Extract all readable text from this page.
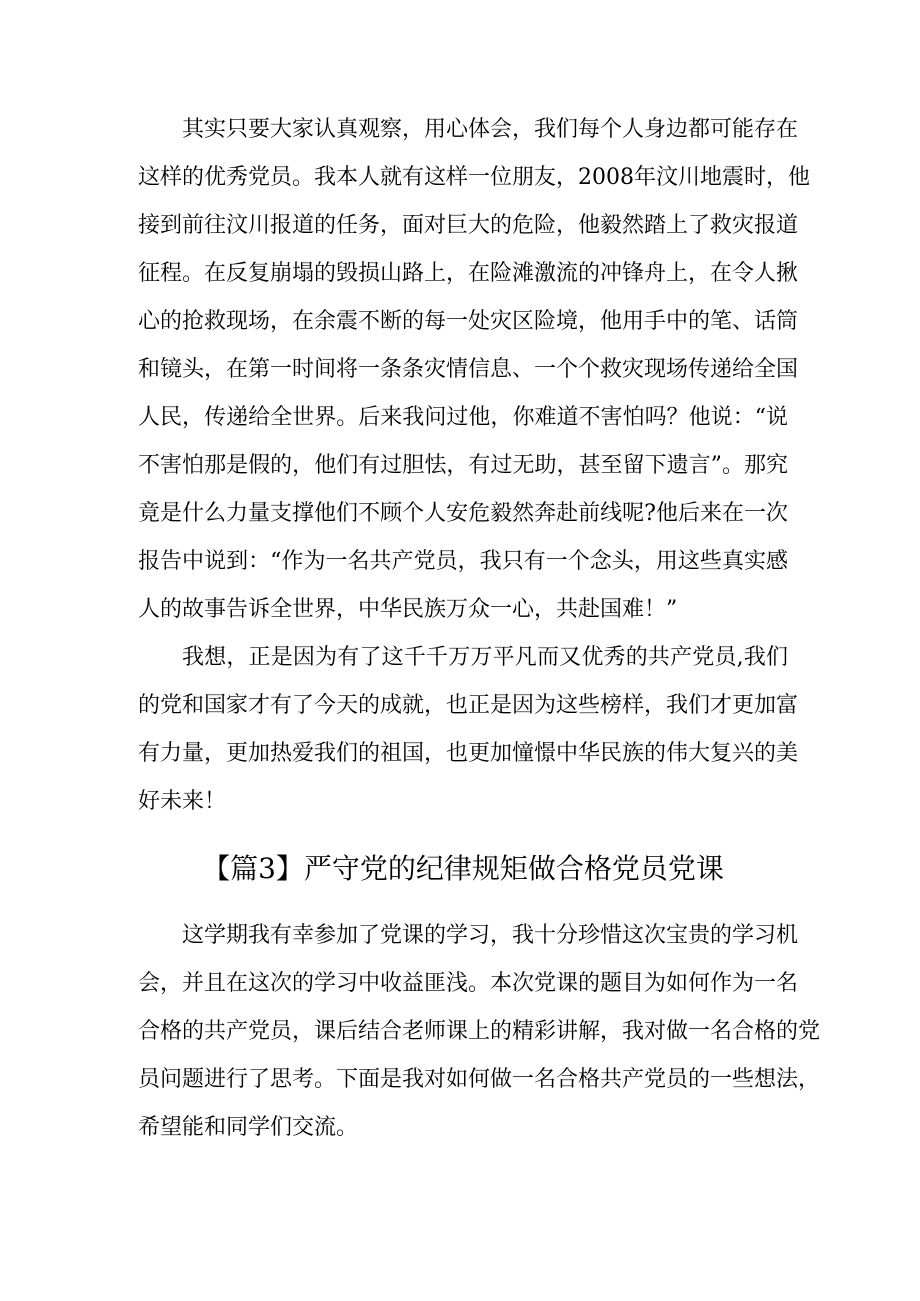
其实只要大家认真观察，用心体会，我们每个人身边都可能存在
这样的优秀党员。我本人就有这样一位朋友，2008年汶川地震时，他
接到前往汶川报道的任务，面对巨大的危险，他毅然踏上了救灾报道
征程。在反复崩塌的毁损山路上，在险滩激流的冲锋舟上，在令人揪
心的抢救现场，在余震不断的每一处灾区险境，他用手中的笔、话筒
和镜头，在第一时间将一条条灾情信息、一个个救灾现场传递给全国
人民，传递给全世界。后来我问过他，你难道不害怕吗？他说：“说
不害怕那是假的，他们有过胆怯，有过无助，甚至留下遗言”。那究
竟是什么力量支撑他们不顾个人安危毅然奔赴前线呢?他后来在一次
报告中说到：“作为一名共产党员，我只有一个念头，用这些真实感
人的故事告诉全世界，中华民族万众一心，共赴国难！”
我想，正是因为有了这千千万万平凡而又优秀的共产党员,我们
的党和国家才有了今天的成就，也正是因为这些榜样，我们才更加富
有力量，更加热爱我们的祖国，也更加憧憬中华民族的伟大复兴的美
好未来！
【篇3】严守党的纪律规矩做合格党员党课
这学期我有幸参加了党课的学习，我十分珍惜这次宝贵的学习机
会，并且在这次的学习中收益匪浅。本次党课的题目为如何作为一名
合格的共产党员，课后结合老师课上的精彩讲解，我对做一名合格的党
员问题进行了思考。下面是我对如何做一名合格共产党员的一些想法，
希望能和同学们交流。
